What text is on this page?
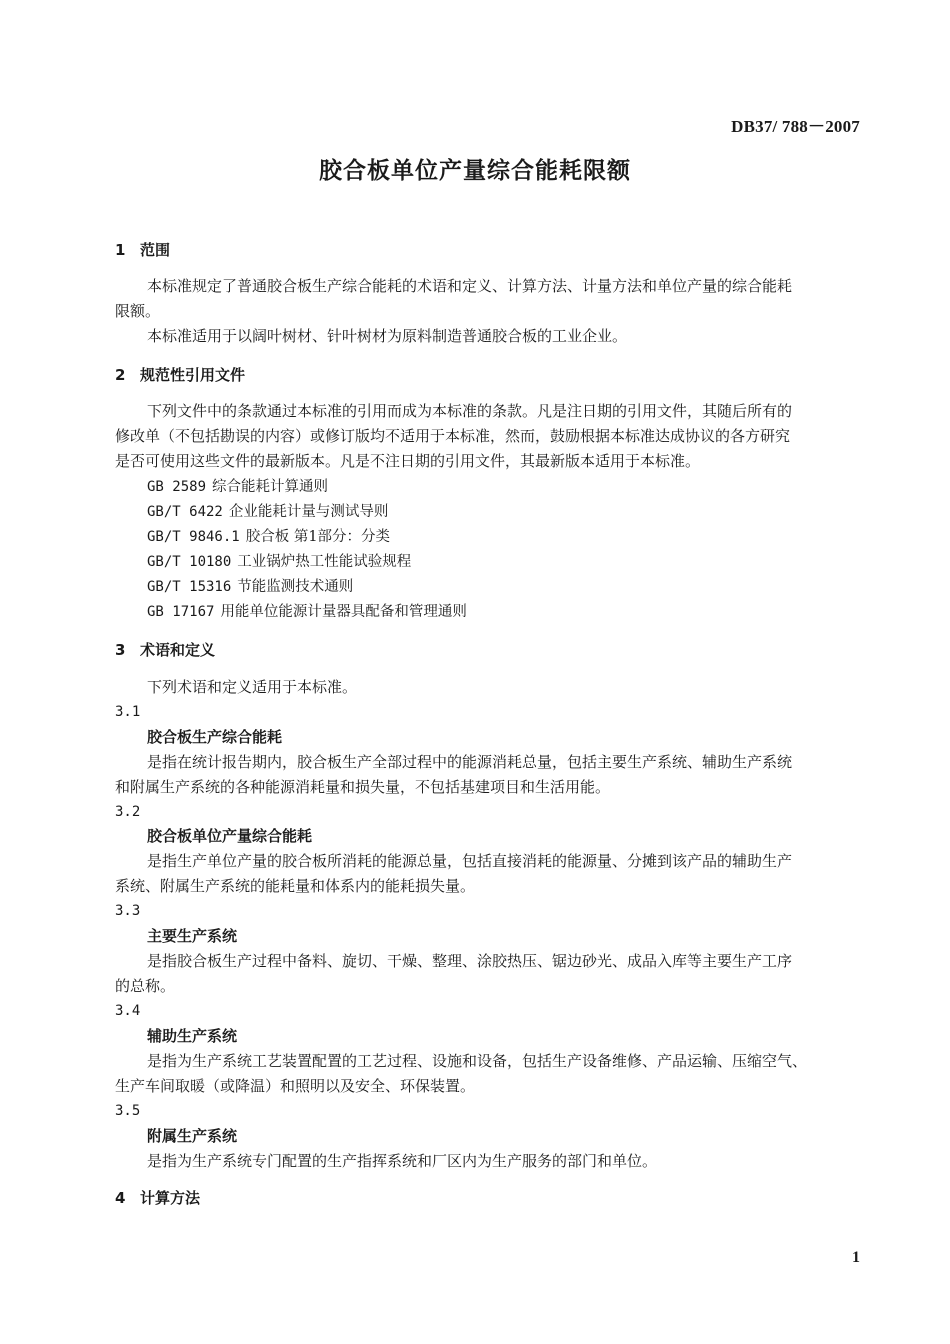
DB37/ 788－2007
胶合板单位产量综合能耗限额
1 范围
本标准规定了普通胶合板生产综合能耗的术语和定义、计算方法、计量方法和单位产量的综合能耗
限额。
本标准适用于以阔叶树材、针叶树材为原料制造普通胶合板的工业企业。
2 规范性引用文件
下列文件中的条款通过本标准的引用而成为本标准的条款。凡是注日期的引用文件，其随后所有的
修改单（不包括勘误的内容）或修订版均不适用于本标准，然而，鼓励根据本标准达成协议的各方研究
是否可使用这些文件的最新版本。凡是不注日期的引用文件，其最新版本适用于本标准。
GB 2589 综合能耗计算通则
GB/T 6422 企业能耗计量与测试导则
GB/T 9846.1 胶合板 第1部分：分类
GB/T 10180 工业锅炉热工性能试验规程
GB/T 15316 节能监测技术通则
GB 17167 用能单位能源计量器具配备和管理通则
3 术语和定义
下列术语和定义适用于本标准。
3.1
胶合板生产综合能耗
是指在统计报告期内，胶合板生产全部过程中的能源消耗总量，包括主要生产系统、辅助生产系统
和附属生产系统的各种能源消耗量和损失量，不包括基建项目和生活用能。
3.2
胶合板单位产量综合能耗
是指生产单位产量的胶合板所消耗的能源总量，包括直接消耗的能源量、分摊到该产品的辅助生产
系统、附属生产系统的能耗量和体系内的能耗损失量。
3.3
主要生产系统
是指胶合板生产过程中备料、旋切、干燥、整理、涂胶热压、锯边砂光、成品入库等主要生产工序
的总称。
3.4
辅助生产系统
是指为生产系统工艺装置配置的工艺过程、设施和设备，包括生产设备维修、产品运输、压缩空气、
生产车间取暖（或降温）和照明以及安全、环保装置。
3.5
附属生产系统
是指为生产系统专门配置的生产指挥系统和厂区内为生产服务的部门和单位。
4 计算方法
1
